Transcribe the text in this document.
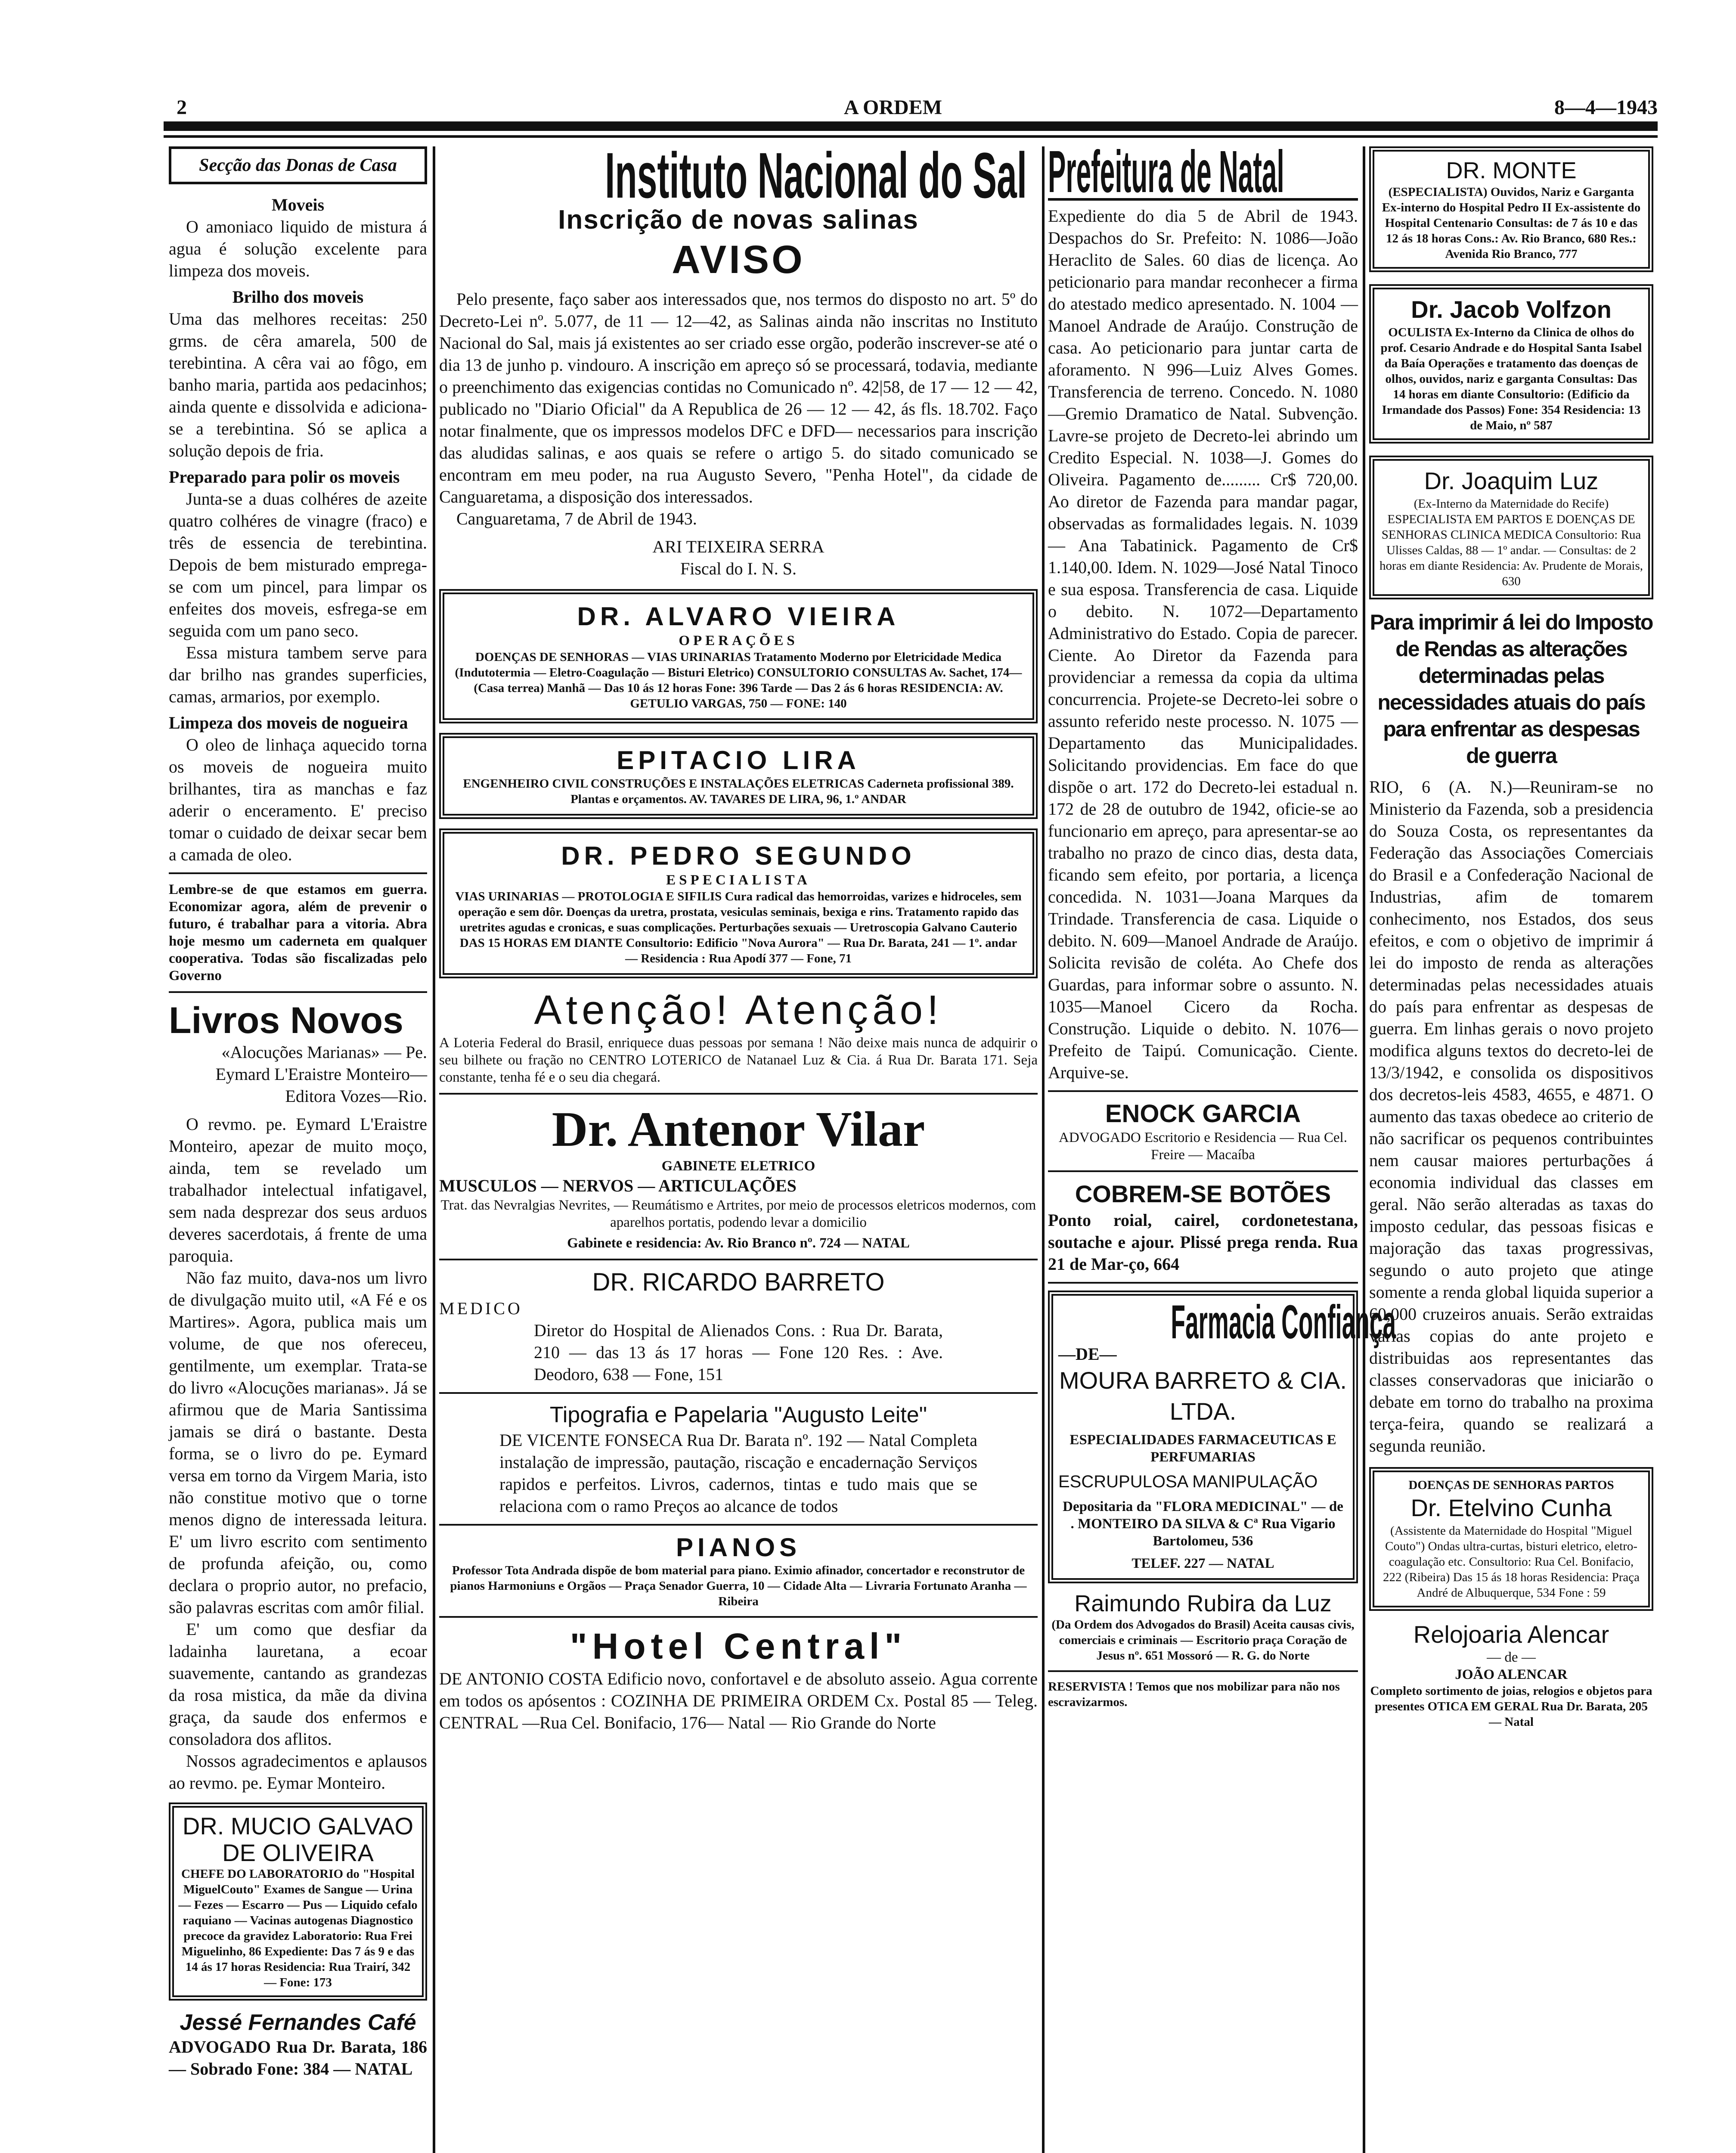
2	A ORDEM	8—4—1943
Secção das Donas de Casa
Moveis
O amoniaco liquido de mistura á agua é solução excelente para limpeza dos moveis.
Brilho dos moveis
Uma das melhores receitas: 250 grms. de cêra amarela, 500 de terebintina. A cêra vai ao fôgo, em banho maria, partida aos pedacinhos; ainda quente e dissolvida e adiciona-se a terebintina. Só se aplica a solução depois de fria.
Preparado para polir os moveis
Junta-se a duas colhéres de azeite quatro colhéres de vinagre (fraco) e três de essencia de terebintina. Depois de bem misturado emprega-se com um pincel, para limpar os enfeites dos moveis, esfrega-se em seguida com um pano seco.
Essa mistura tambem serve para dar brilho nas grandes superficies, camas, armarios, por exemplo.
Limpeza dos moveis de nogueira
O oleo de linhaça aquecido torna os moveis de nogueira muito brilhantes, tira as manchas e faz aderir o enceramento. E' preciso tomar o cuidado de deixar secar bem a camada de oleo.
Lembre-se de que estamos em guerra. Economizar agora, além de prevenir o futuro, é trabalhar para a vitoria. Abra hoje mesmo um caderneta em qualquer cooperativa. Todas são fiscalizadas pelo Governo
Livros Novos
«Alocuções Marianas» — Pe. Eymard L'Eraistre Monteiro—Editora Vozes—Rio.
O revmo. pe. Eymard L'Eraistre Monteiro, apezar de muito moço, ainda, tem se revelado um trabalhador intelectual infatigavel, sem nada desprezar dos seus arduos deveres sacerdotais, á frente de uma paroquia.
Não faz muito, dava-nos um livro de divulgação muito util, «A Fé e os Martires». Agora, publica mais um volume, de que nos ofereceu, gentilmente, um exemplar. Trata-se do livro «Alocuções marianas». Já se afirmou que de Maria Santissima jamais se dirá o bastante. Desta forma, se o livro do pe. Eymard versa em torno da Virgem Maria, isto não constitue motivo que o torne menos digno de interessada leitura. E' um livro escrito com sentimento de profunda afeição, ou, como declara o proprio autor, no prefacio, são palavras escritas com amôr filial.
E' um como que desfiar da ladainha lauretana, a ecoar suavemente, cantando as grandezas da rosa mistica, da mãe da divina graça, da saude dos enfermos e consoladora dos aflitos.
Nossos agradecimentos e aplausos ao revmo. pe. Eymar Monteiro.
DR. MUCIO GALVAO DE OLIVEIRA
CHEFE DO LABORATORIO do "Hospital MiguelCouto" Exames de Sangue — Urina — Fezes — Escarro — Pus — Liquido cefalo raquiano — Vacinas autogenas Diagnostico precoce da gravidez Laboratorio: Rua Frei Miguelinho, 86 Expediente: Das 7 ás 9 e das 14 ás 17 horas Residencia: Rua Trairí, 342 — Fone: 173
Jessé Fernandes Café
ADVOGADO Rua Dr. Barata, 186 — Sobrado Fone: 384 — NATAL
Instituto Nacional do Sal
Inscrição de novas salinas
AVISO
Pelo presente, faço saber aos interessados que, nos termos do disposto no art. 5º do Decreto-Lei nº. 5.077, de 11 — 12—42, as Salinas ainda não inscritas no Instituto Nacional do Sal, mais já existentes ao ser criado esse orgão, poderão inscrever-se até o dia 13 de junho p. vindouro. A inscrição em apreço só se processará, todavia, mediante o preenchimento das exigencias contidas no Comunicado nº. 42|58, de 17 — 12 — 42, publicado no "Diario Oficial" da A Republica de 26 — 12 — 42, ás fls. 18.702. Faço notar finalmente, que os impressos modelos DFC e DFD— necessarios para inscrição das aludidas salinas, e aos quais se refere o artigo 5. do sitado comunicado se encontram em meu poder, na rua Augusto Severo, "Penha Hotel", da cidade de Canguaretama, a disposição dos interessados.
Canguaretama, 7 de Abril de 1943.
ARI TEIXEIRA SERRA
Fiscal do I. N. S.
DR. ALVARO VIEIRA
OPERAÇÕES
DOENÇAS DE SENHORAS — VIAS URINARIAS Tratamento Moderno por Eletricidade Medica (Indutotermia — Eletro-Coagulação — Bisturi Eletrico) CONSULTORIO CONSULTAS Av. Sachet, 174—(Casa terrea) Manhã — Das 10 ás 12 horas Fone: 396 Tarde — Das 2 ás 6 horas RESIDENCIA: AV. GETULIO VARGAS, 750 — FONE: 140
EPITACIO LIRA
ENGENHEIRO CIVIL CONSTRUÇÕES E INSTALAÇÕES ELETRICAS Caderneta profissional 389. Plantas e orçamentos. AV. TAVARES DE LIRA, 96, 1.º ANDAR
DR. PEDRO SEGUNDO
ESPECIALISTA
VIAS URINARIAS — PROTOLOGIA E SIFILIS Cura radical das hemorroidas, varizes e hidroceles, sem operação e sem dôr. Doenças da uretra, prostata, vesiculas seminais, bexiga e rins. Tratamento rapido das uretrites agudas e cronicas, e suas complicações. Perturbações sexuais — Uretroscopia Galvano Cauterio DAS 15 HORAS EM DIANTE Consultorio: Edificio "Nova Aurora" — Rua Dr. Barata, 241 — 1º. andar — Residencia : Rua Apodí 377 — Fone, 71
Atenção! Atenção!
A Loteria Federal do Brasil, enriquece duas pessoas por semana ! Não deixe mais nunca de adquirir o seu bilhete ou fração no CENTRO LOTERICO de Natanael Luz & Cia. á Rua Dr. Barata 171. Seja constante, tenha fé e o seu dia chegará.
Dr. Antenor Vilar
GABINETE ELETRICO
MUSCULOS — NERVOS — ARTICULAÇÕES
Trat. das Nevralgias Nevrites, — Reumátismo e Artrites, por meio de processos eletricos modernos, com aparelhos portatis, podendo levar a domicilio
Gabinete e residencia: Av. Rio Branco nº. 724 — NATAL
DR. RICARDO BARRETO
MEDICO
Diretor do Hospital de Alienados Cons. : Rua Dr. Barata, 210 — das 13 ás 17 horas — Fone 120 Res. : Ave. Deodoro, 638 — Fone, 151
Tipografia e Papelaria "Augusto Leite"
DE VICENTE FONSECA Rua Dr. Barata nº. 192 — Natal Completa instalação de impressão, pautação, riscação e encadernação Serviços rapidos e perfeitos. Livros, cadernos, tintas e tudo mais que se relaciona com o ramo Preços ao alcance de todos
PIANOS
Professor Tota Andrada dispõe de bom material para piano. Eximio afinador, concertador e reconstrutor de pianos Harmoniuns e Orgãos — Praça Senador Guerra, 10 — Cidade Alta — Livraria Fortunato Aranha — Ribeira
"Hotel Central"
DE ANTONIO COSTA Edificio novo, confortavel e de absoluto asseio. Agua corrente em todos os apósentos : COZINHA DE PRIMEIRA ORDEM Cx. Postal 85 — Teleg. CENTRAL —Rua Cel. Bonifacio, 176— Natal — Rio Grande do Norte
Prefeitura de Natal
Expediente do dia 5 de Abril de 1943. Despachos do Sr. Prefeito: N. 1086—João Heraclito de Sales. 60 dias de licença. Ao peticionario para mandar reconhecer a firma do atestado medico apresentado. N. 1004 — Manoel Andrade de Araújo. Construção de casa. Ao peticionario para juntar carta de aforamento. N 996—Luiz Alves Gomes. Transferencia de terreno. Concedo. N. 1080—Gremio Dramatico de Natal. Subvenção. Lavre-se projeto de Decreto-lei abrindo um Credito Especial. N. 1038—J. Gomes do Oliveira. Pagamento de......... Cr$ 720,00. Ao diretor de Fazenda para mandar pagar, observadas as formalidades legais. N. 1039 — Ana Tabatinick. Pagamento de Cr$ 1.140,00. Idem. N. 1029—José Natal Tinoco e sua esposa. Transferencia de casa. Liquide o debito. N. 1072—Departamento Administrativo do Estado. Copia de parecer. Ciente. Ao Diretor da Fazenda para providenciar a remessa da copia da ultima concurrencia. Projete-se Decreto-lei sobre o assunto referido neste processo. N. 1075 — Departamento das Municipalidades. Solicitando providencias. Em face do que dispõe o art. 172 do Decreto-lei estadual n. 172 de 28 de outubro de 1942, oficie-se ao funcionario em apreço, para apresentar-se ao trabalho no prazo de cinco dias, desta data, ficando sem efeito, por portaria, a licença concedida. N. 1031—Joana Marques da Trindade. Transferencia de casa. Liquide o debito. N. 609—Manoel Andrade de Araújo. Solicita revisão de coléta. Ao Chefe dos Guardas, para informar sobre o assunto. N. 1035—Manoel Cicero da Rocha. Construção. Liquide o debito. N. 1076—Prefeito de Taipú. Comunicação. Ciente. Arquive-se.
ENOCK GARCIA
ADVOGADO Escritorio e Residencia — Rua Cel. Freire — Macaíba
COBREM-SE BOTÕES
Ponto roial, cairel, cordonetestana, soutache e ajour. Plissé prega renda. Rua 21 de Mar-ço, 664
Farmacia Confiança
—DE—
MOURA BARRETO & CIA. LTDA.
ESPECIALIDADES FARMACEUTICAS E PERFUMARIAS
ESCRUPULOSA MANIPULAÇÃO
Depositaria da "FLORA MEDICINAL" — de
. MONTEIRO DA SILVA & Cª Rua Vigario Bartolomeu, 536
TELEF. 227 — NATAL
Raimundo Rubira da Luz
(Da Ordem dos Advogados do Brasil) Aceita causas civis, comerciais e criminais — Escritorio praça Coração de Jesus nº. 651 Mossoró — R. G. do Norte
RESERVISTA ! Temos que nos mobilizar para não nos escravizarmos.
DR. MONTE
(ESPECIALISTA) Ouvidos, Nariz e Garganta Ex-interno do Hospital Pedro II Ex-assistente do Hospital Centenario Consultas: de 7 ás 10 e das 12 ás 18 horas Cons.: Av. Rio Branco, 680 Res.: Avenida Rio Branco, 777
Dr. Jacob Volfzon
OCULISTA Ex-Interno da Clinica de olhos do prof. Cesario Andrade e do Hospital Santa Isabel da Baía Operações e tratamento das doenças de olhos, ouvidos, nariz e garganta Consultas: Das 14 horas em diante Consultorio: (Edificio da Irmandade dos Passos) Fone: 354 Residencia: 13 de Maio, nº 587
Dr. Joaquim Luz
(Ex-Interno da Maternidade do Recife) ESPECIALISTA EM PARTOS E DOENÇAS DE SENHORAS CLINICA MEDICA Consultorio: Rua Ulisses Caldas, 88 — 1º andar. — Consultas: de 2 horas em diante Residencia: Av. Prudente de Morais, 630
Para imprimir á lei do Imposto de Rendas as alterações determinadas pelas necessidades atuais do país para enfrentar as despesas de guerra
RIO, 6 (A. N.)—Reuniram-se no Ministerio da Fazenda, sob a presidencia do Souza Costa, os representantes da Federação das Associações Comerciais do Brasil e a Confederação Nacional de Industrias, afim de tomarem conhecimento, nos Estados, dos seus efeitos, e com o objetivo de imprimir á lei do imposto de renda as alterações determinadas pelas necessidades atuais do país para enfrentar as despesas de guerra. Em linhas gerais o novo projeto modifica alguns textos do decreto-lei de 13/3/1942, e consolida os dispositivos dos decretos-leis 4583, 4655, e 4871. O aumento das taxas obedece ao criterio de não sacrificar os pequenos contribuintes nem causar maiores perturbações á economia individual das classes em geral. Não serão alteradas as taxas do imposto cedular, das pessoas fisicas e majoração das taxas progressivas, segundo o auto projeto que atinge somente a renda global liquida superior a 60,000 cruzeiros anuais. Serão extraidas varias copias do ante projeto e distribuidas aos representantes das classes conservadoras que iniciarão o debate em torno do trabalho na proxima terça-feira, quando se realizará a segunda reunião.
DOENÇAS DE SENHORAS PARTOS
Dr. Etelvino Cunha
(Assistente da Maternidade do Hospital "Miguel Couto") Ondas ultra-curtas, bisturi eletrico, eletro-coagulação etc. Consultorio: Rua Cel. Bonifacio, 222 (Ribeira) Das 15 ás 18 horas Residencia: Praça André de Albuquerque, 534 Fone : 59
Relojoaria Alencar
— de —
JOÃO ALENCAR
Completo sortimento de joias, relogios e objetos para presentes OTICA EM GERAL Rua Dr. Barata, 205 — Natal
